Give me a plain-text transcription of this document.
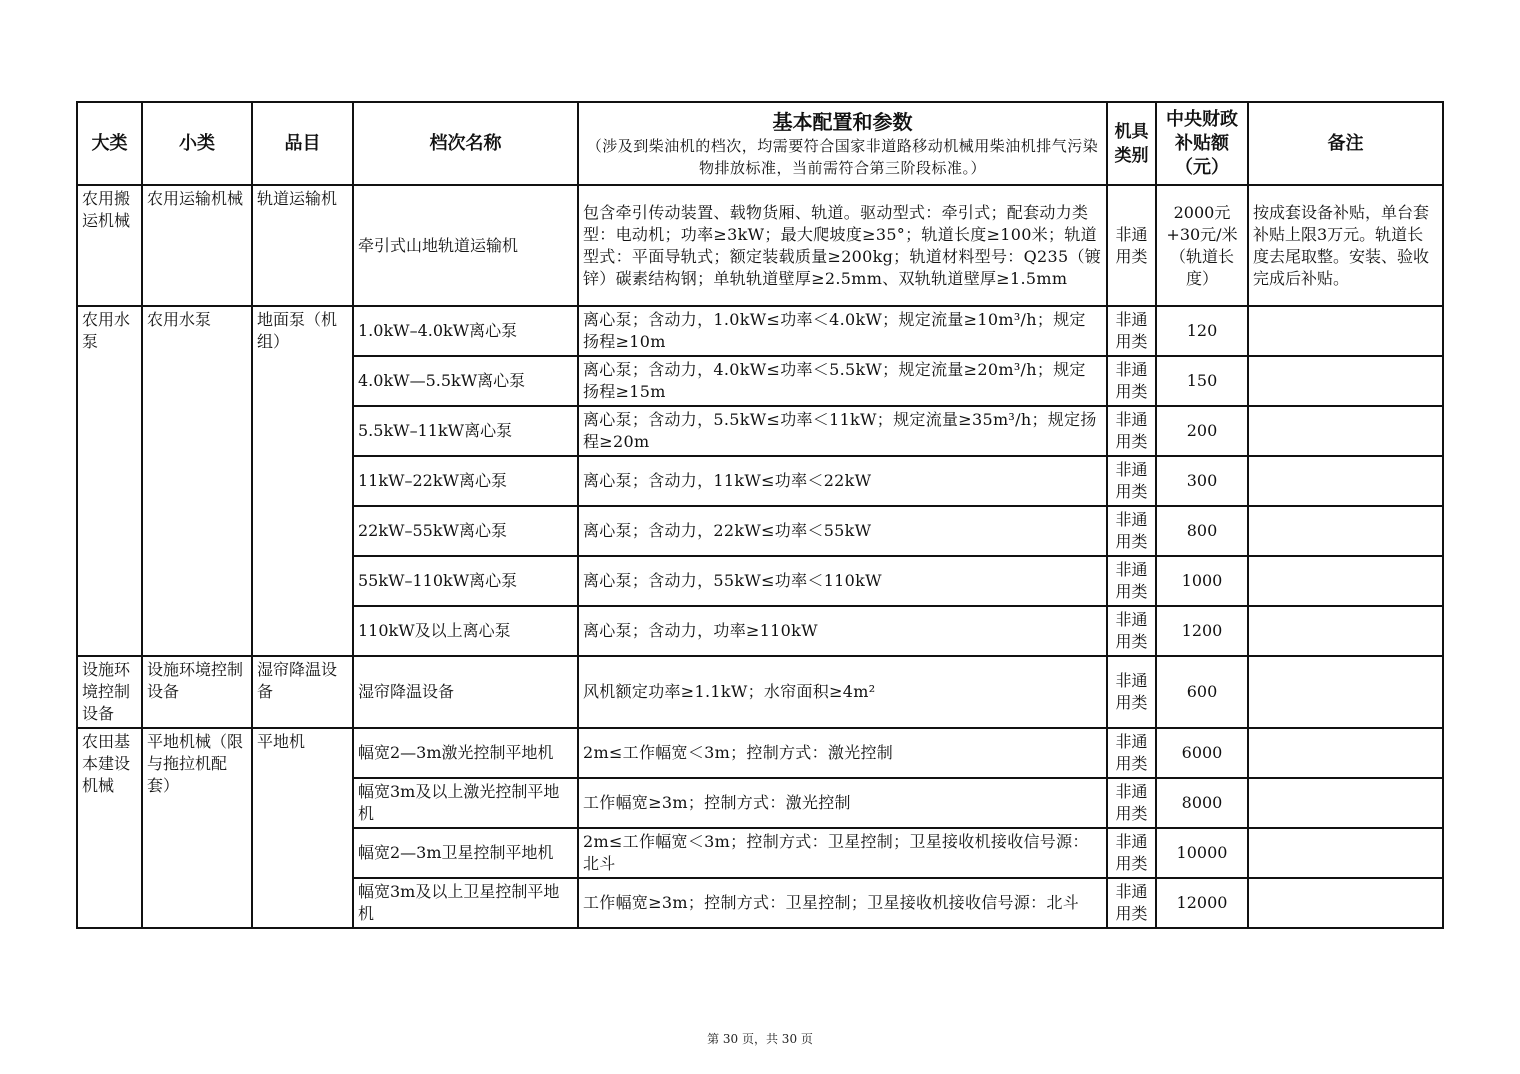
大类	小类	品目	档次名称	基本配置和参数
（涉及到柴油机的档次，均需要符合国家非道路移动机械用柴油机排气污染物排放标准，当前需符合第三阶段标准。）	机具类别	中央财政补贴额（元）	备注
农用搬运机械	农用运输机械	轨道运输机	牵引式山地轨道运输机	包含牵引传动装置、载物货厢、轨道。驱动型式：牵引式；配套动力类型：电动机；功率≥3kW；最大爬坡度≥35°；轨道长度≥100米；轨道型式：平面导轨式；额定装载质量≥200kg；轨道材料型号：Q235（镀锌）碳素结构钢；单轨轨道壁厚≥2.5mm、双轨轨道壁厚≥1.5mm	非通用类	2000元+30元/米（轨道长度）	按成套设备补贴，单台套补贴上限3万元。轨道长度去尾取整。安装、验收完成后补贴。
农用水泵	农用水泵	地面泵（机组）	1.0kW–4.0kW离心泵	离心泵；含动力，1.0kW≤功率＜4.0kW；规定流量≥10m³/h；规定扬程≥10m	非通用类	120	
			4.0kW—5.5kW离心泵	离心泵；含动力，4.0kW≤功率＜5.5kW；规定流量≥20m³/h；规定扬程≥15m	非通用类	150	
			5.5kW–11kW离心泵	离心泵；含动力，5.5kW≤功率＜11kW；规定流量≥35m³/h；规定扬程≥20m	非通用类	200	
			11kW–22kW离心泵	离心泵；含动力，11kW≤功率＜22kW	非通用类	300	
			22kW–55kW离心泵	离心泵；含动力，22kW≤功率＜55kW	非通用类	800	
			55kW–110kW离心泵	离心泵；含动力，55kW≤功率＜110kW	非通用类	1000	
			110kW及以上离心泵	离心泵；含动力，功率≥110kW	非通用类	1200	
设施环境控制设备	设施环境控制设备	湿帘降温设备	湿帘降温设备	风机额定功率≥1.1kW；水帘面积≥4m²	非通用类	600	
农田基本建设机械	平地机械（限与拖拉机配套）	平地机	幅宽2—3m激光控制平地机	2m≤工作幅宽＜3m；控制方式：激光控制	非通用类	6000	
			幅宽3m及以上激光控制平地机	工作幅宽≥3m；控制方式：激光控制	非通用类	8000	
			幅宽2—3m卫星控制平地机	2m≤工作幅宽＜3m；控制方式：卫星控制；卫星接收机接收信号源：北斗	非通用类	10000	
			幅宽3m及以上卫星控制平地机	工作幅宽≥3m；控制方式：卫星控制；卫星接收机接收信号源：北斗	非通用类	12000	
第 30 页，共 30 页
